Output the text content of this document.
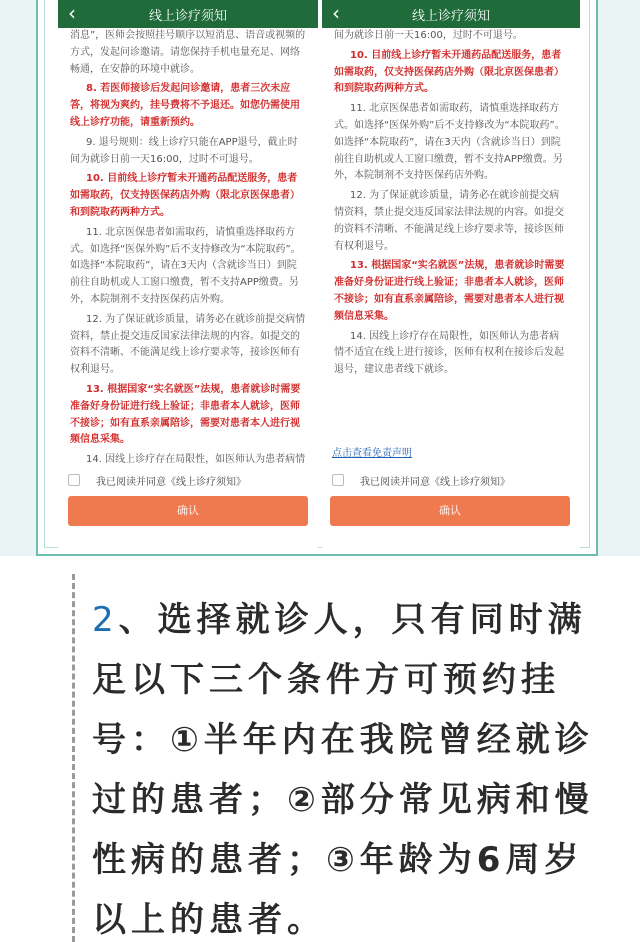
‹	线上诊疗须知

消息”，医师会按照挂号顺序以短消息、语音或视频的方式，发起问诊邀请。请您保持手机电量充足、网络畅通，在安静的环境中就诊。

8. 若医师接诊后发起问诊邀请，患者三次未应答，将视为爽约，挂号费将不予退还。如您仍需使用线上诊疗功能，请重新预约。

9. 退号规则：线上诊疗只能在APP退号，截止时间为就诊日前一天16:00，过时不可退号。

10. 目前线上诊疗暂未开通药品配送服务，患者如需取药，仅支持医保药店外购（限北京医保患者）和到院取药两种方式。

11. 北京医保患者如需取药，请慎重选择取药方式。如选择“医保外购”后不支持修改为“本院取药”。如选择“本院取药”，请在3天内（含就诊当日）到院前往自助机或人工窗口缴费，暂不支持APP缴费。另外，本院制剂不支持医保药店外购。

12. 为了保证就诊质量，请务必在就诊前提交病情资料，禁止提交违反国家法律法规的内容。如提交的资料不清晰、不能满足线上诊疗要求等，接诊医师有权利退号。

13. 根据国家“实名就医”法规，患者就诊时需要准备好身份证进行线上验证；非患者本人就诊，医师不接诊；如有直系亲属陪诊，需要对患者本人进行视频信息采集。

14. 因线上诊疗存在局限性，如医师认为患者病情

我已阅读并同意《线上诊疗须知》
确认
‹	线上诊疗须知

间为就诊日前一天16:00，过时不可退号。

10. 目前线上诊疗暂未开通药品配送服务，患者如需取药，仅支持医保药店外购（限北京医保患者）和到院取药两种方式。

11. 北京医保患者如需取药，请慎重选择取药方式。如选择“医保外购”后不支持修改为“本院取药”。如选择“本院取药”，请在3天内（含就诊当日）到院前往自助机或人工窗口缴费，暂不支持APP缴费。另外，本院制剂不支持医保药店外购。

12. 为了保证就诊质量，请务必在就诊前提交病情资料，禁止提交违反国家法律法规的内容。如提交的资料不清晰、不能满足线上诊疗要求等，接诊医师有权利退号。

13. 根据国家“实名就医”法规，患者就诊时需要准备好身份证进行线上验证；非患者本人就诊，医师不接诊；如有直系亲属陪诊，需要对患者本人进行视频信息采集。

14. 因线上诊疗存在局限性，如医师认为患者病情不适宜在线上进行接诊，医师有权利在接诊后发起退号，建议患者线下就诊。

点击查看免责声明
我已阅读并同意《线上诊疗须知》
确认
2、选择就诊人，只有同时满足以下三个条件方可预约挂号：①半年内在我院曾经就诊过的患者；②部分常见病和慢性病的患者；③年龄为6周岁以上的患者。
